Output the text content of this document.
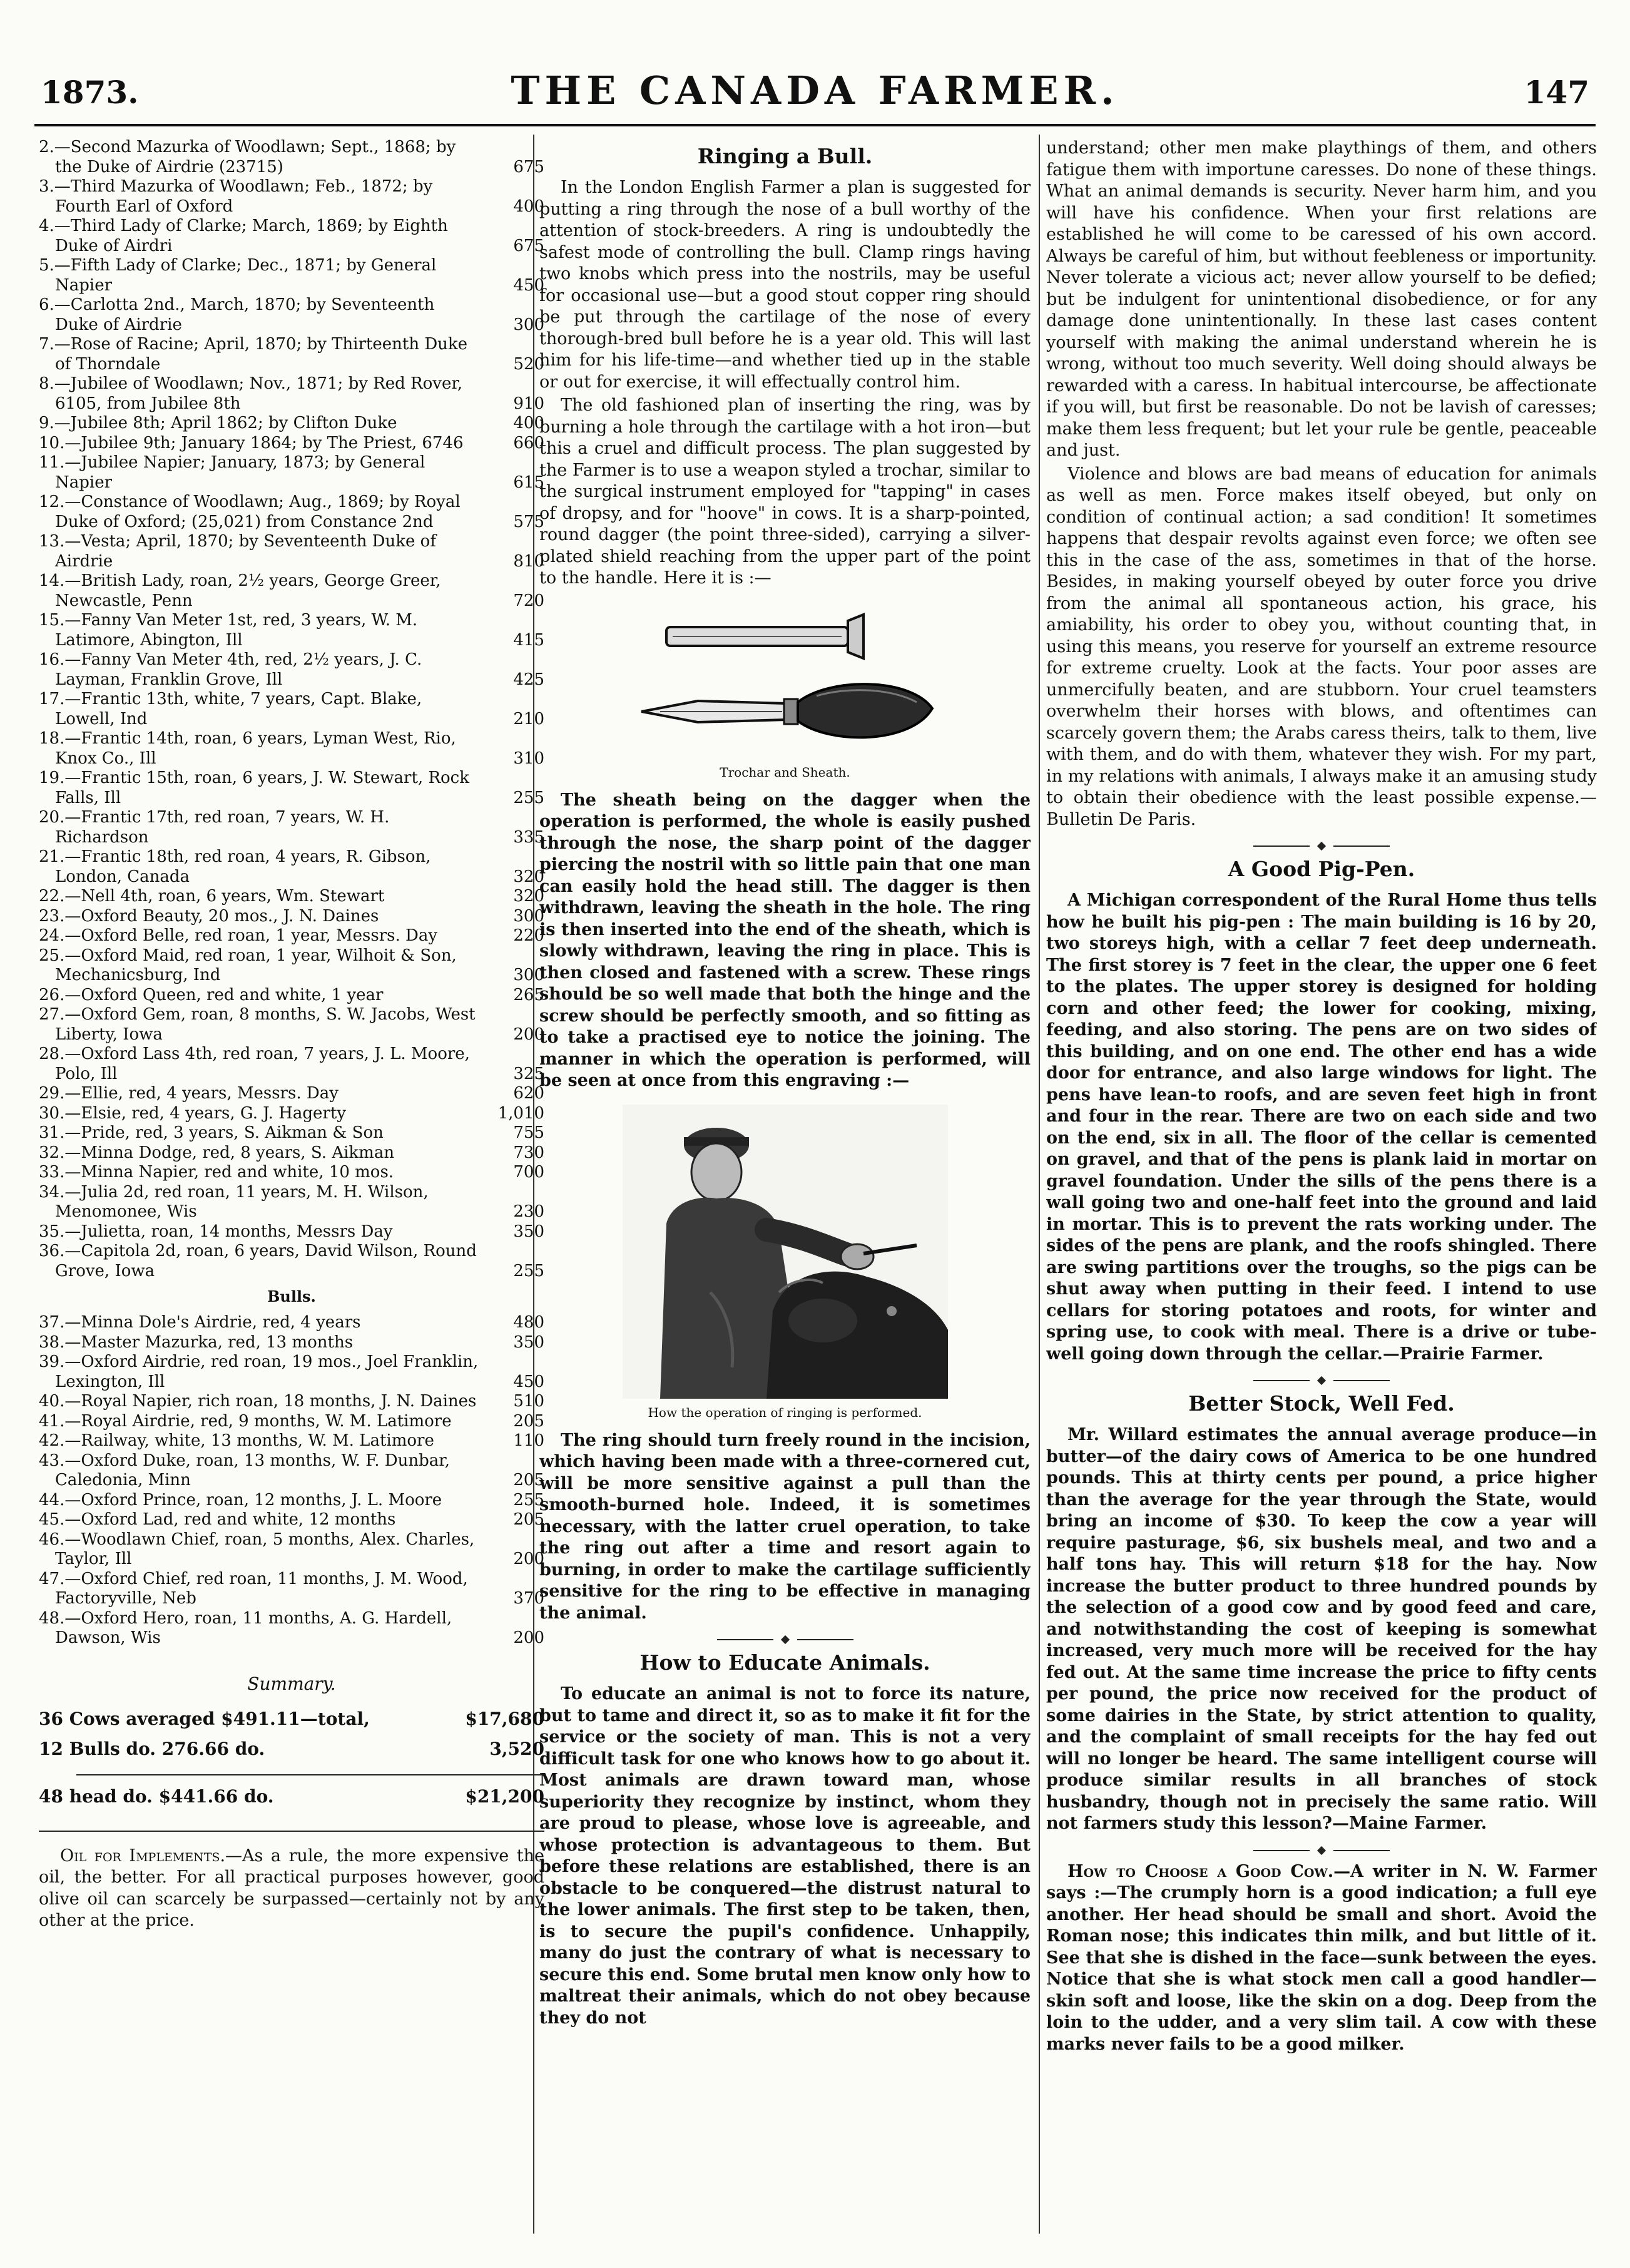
1873.	THE CANADA FARMER.	147
2.—Second Mazurka of Woodlawn; Sept., 1868; by the Duke of Airdrie (23715)	675
3.—Third Mazurka of Woodlawn; Feb., 1872; by Fourth Earl of Oxford	400
4.—Third Lady of Clarke; March, 1869; by Eighth Duke of Airdri	675
5.—Fifth Lady of Clarke; Dec., 1871; by General Napier	450
6.—Carlotta 2nd., March, 1870; by Seventeenth Duke of Airdrie	300
7.—Rose of Racine; April, 1870; by Thirteenth Duke of Thorndale	520
8.—Jubilee of Woodlawn; Nov., 1871; by Red Rover, 6105, from Jubilee 8th	910
9.—Jubilee 8th; April 1862; by Clifton Duke	400
10.—Jubilee 9th; January 1864; by The Priest, 6746	660
11.—Jubilee Napier; January, 1873; by General Napier	615
12.—Constance of Woodlawn; Aug., 1869; by Royal Duke of Oxford; (25,021) from Constance 2nd	575
13.—Vesta; April, 1870; by Seventeenth Duke of Airdrie	810
14.—British Lady, roan, 2½ years, George Greer, Newcastle, Penn	720
15.—Fanny Van Meter 1st, red, 3 years, W. M. Latimore, Abington, Ill	415
16.—Fanny Van Meter 4th, red, 2½ years, J. C. Layman, Franklin Grove, Ill	425
17.—Frantic 13th, white, 7 years, Capt. Blake, Lowell, Ind	210
18.—Frantic 14th, roan, 6 years, Lyman West, Rio, Knox Co., Ill	310
19.—Frantic 15th, roan, 6 years, J. W. Stewart, Rock Falls, Ill	255
20.—Frantic 17th, red roan, 7 years, W. H. Richardson	335
21.—Frantic 18th, red roan, 4 years, R. Gibson, London, Canada	320
22.—Nell 4th, roan, 6 years, Wm. Stewart	320
23.—Oxford Beauty, 20 mos., J. N. Daines	300
24.—Oxford Belle, red roan, 1 year, Messrs. Day	220
25.—Oxford Maid, red roan, 1 year, Wilhoit & Son, Mechanicsburg, Ind	300
26.—Oxford Queen, red and white, 1 year	265
27.—Oxford Gem, roan, 8 months, S. W. Jacobs, West Liberty, Iowa	200
28.—Oxford Lass 4th, red roan, 7 years, J. L. Moore, Polo, Ill	325
29.—Ellie, red, 4 years, Messrs. Day	620
30.—Elsie, red, 4 years, G. J. Hagerty	1,010
31.—Pride, red, 3 years, S. Aikman & Son	755
32.—Minna Dodge, red, 8 years, S. Aikman	730
33.—Minna Napier, red and white, 10 mos.	700
34.—Julia 2d, red roan, 11 years, M. H. Wilson, Menomonee, Wis	230
35.—Julietta, roan, 14 months, Messrs Day	350
36.—Capitola 2d, roan, 6 years, David Wilson, Round Grove, Iowa	255
Bulls.
37.—Minna Dole's Airdrie, red, 4 years	480
38.—Master Mazurka, red, 13 months	350
39.—Oxford Airdrie, red roan, 19 mos., Joel Franklin, Lexington, Ill	450
40.—Royal Napier, rich roan, 18 months, J. N. Daines 510
41.—Royal Airdrie, red, 9 months, W. M. Latimore	205
42.—Railway, white, 13 months, W. M. Latimore	110
43.—Oxford Duke, roan, 13 months, W. F. Dunbar, Caledonia, Minn	205
44.—Oxford Prince, roan, 12 months, J. L. Moore	255
45.—Oxford Lad, red and white, 12 months	205
46.—Woodlawn Chief, roan, 5 months, Alex. Charles, Taylor, Ill	200
47.—Oxford Chief, red roan, 11 months, J. M. Wood, Factoryville, Neb	370
48.—Oxford Hero, roan, 11 months, A. G. Hardell, Dawson, Wis	200
Summary.
36 Cows averaged $491.11—total,	$17,680
12 Bulls do. 276.66 do.	3,520
48 head do. $441.66 do.	$21,200

Oil for Implements.—As a rule, the more expensive the oil, the better. For all practical purposes however, good olive oil can scarcely be surpassed—certainly not by any other at the price.

Ringing a Bull.

In the London English Farmer a plan is suggested for putting a ring through the nose of a bull worthy of the attention of stock-breeders. A ring is undoubtedly the safest mode of controlling the bull. Clamp rings having two knobs which press into the nostrils, may be useful for occasional use—but a good stout copper ring should be put through the cartilage of the nose of every thorough-bred bull before he is a year old. This will last him for his life-time—and whether tied up in the stable or out for exercise, it will effectually control him.

The old fashioned plan of inserting the ring, was by burning a hole through the cartilage with a hot iron—but this a cruel and difficult process. The plan suggested by the Farmer is to use a weapon styled a trochar, similar to the surgical instrument employed for "tapping" in cases of dropsy, and for "hoove" in cows. It is a sharp-pointed, round dagger (the point three-sided), carrying a silver-plated shield reaching from the upper part of the point to the handle. Here it is :—

Trochar and Sheath.

The sheath being on the dagger when the operation is performed, the whole is easily pushed through the nose, the sharp point of the dagger piercing the nostril with so little pain that one man can easily hold the head still. The dagger is then withdrawn, leaving the sheath in the hole. The ring is then inserted into the end of the sheath, which is slowly withdrawn, leaving the ring in place. This is then closed and fastened with a screw. These rings should be so well made that both the hinge and the screw should be perfectly smooth, and so fitting as to take a practised eye to notice the joining. The manner in which the operation is performed, will be seen at once from this engraving :—

How the operation of ringing is performed.

The ring should turn freely round in the incision, which having been made with a three-cornered cut, will be more sensitive against a pull than the smooth-burned hole. Indeed, it is sometimes necessary, with the latter cruel operation, to take the ring out after a time and resort again to burning, in order to make the cartilage sufficiently sensitive for the ring to be effective in managing the animal.

How to Educate Animals.

To educate an animal is not to force its nature, but to tame and direct it, so as to make it fit for the service or the society of man. This is not a very difficult task for one who knows how to go about it. Most animals are drawn toward man, whose superiority they recognize by instinct, whom they are proud to please, whose love is agreeable, and whose protection is advantageous to them. But before these relations are established, there is an obstacle to be conquered—the distrust natural to the lower animals. The first step to be taken, then, is to secure the pupil's confidence. Unhappily, many do just the contrary of what is necessary to secure this end. Some brutal men know only how to maltreat their animals, which do not obey because they do not

understand; other men make playthings of them, and others fatigue them with importune caresses. Do none of these things. What an animal demands is security. Never harm him, and you will have his confidence. When your first relations are established he will come to be caressed of his own accord. Always be careful of him, but without feebleness or importunity. Never tolerate a vicious act; never allow yourself to be defied; but be indulgent for unintentional disobedience, or for any damage done unintentionally. In these last cases content yourself with making the animal understand wherein he is wrong, without too much severity. Well doing should always be rewarded with a caress. In habitual intercourse, be affectionate if you will, but first be reasonable. Do not be lavish of caresses; make them less frequent; but let your rule be gentle, peaceable and just.

Violence and blows are bad means of education for animals as well as men. Force makes itself obeyed, but only on condition of continual action; a sad condition! It sometimes happens that despair revolts against even force; we often see this in the case of the ass, sometimes in that of the horse. Besides, in making yourself obeyed by outer force you drive from the animal all spontaneous action, his grace, his amiability, his order to obey you, without counting that, in using this means, you reserve for yourself an extreme resource for extreme cruelty. Look at the facts. Your poor asses are unmercifully beaten, and are stubborn. Your cruel teamsters overwhelm their horses with blows, and oftentimes can scarcely govern them; the Arabs caress theirs, talk to them, live with them, and do with them, whatever they wish. For my part, in my relations with animals, I always make it an amusing study to obtain their obedience with the least possible expense.—Bulletin De Paris.

A Good Pig-Pen.

A Michigan correspondent of the Rural Home thus tells how he built his pig-pen : The main building is 16 by 20, two storeys high, with a cellar 7 feet deep underneath. The first storey is 7 feet in the clear, the upper one 6 feet to the plates. The upper storey is designed for holding corn and other feed; the lower for cooking, mixing, feeding, and also storing. The pens are on two sides of this building, and on one end. The other end has a wide door for entrance, and also large windows for light. The pens have lean-to roofs, and are seven feet high in front and four in the rear. There are two on each side and two on the end, six in all. The floor of the cellar is cemented on gravel, and that of the pens is plank laid in mortar on gravel foundation. Under the sills of the pens there is a wall going two and one-half feet into the ground and laid in mortar. This is to prevent the rats working under. The sides of the pens are plank, and the roofs shingled. There are swing partitions over the troughs, so the pigs can be shut away when putting in their feed. I intend to use cellars for storing potatoes and roots, for winter and spring use, to cook with meal. There is a drive or tube-well going down through the cellar.—Prairie Farmer.

Better Stock, Well Fed.

Mr. Willard estimates the annual average produce—in butter—of the dairy cows of America to be one hundred pounds. This at thirty cents per pound, a price higher than the average for the year through the State, would bring an income of $30. To keep the cow a year will require pasturage, $6, six bushels meal, and two and a half tons hay. This will return $18 for the hay. Now increase the butter product to three hundred pounds by the selection of a good cow and by good feed and care, and notwithstanding the cost of keeping is somewhat increased, very much more will be received for the hay fed out. At the same time increase the price to fifty cents per pound, the price now received for the product of some dairies in the State, by strict attention to quality, and the complaint of small receipts for the hay fed out will no longer be heard. The same intelligent course will produce similar results in all branches of stock husbandry, though not in precisely the same ratio. Will not farmers study this lesson?—Maine Farmer.

How to Choose a Good Cow.—A writer in N. W. Farmer says :—The crumply horn is a good indication; a full eye another. Her head should be small and short. Avoid the Roman nose; this indicates thin milk, and but little of it. See that she is dished in the face—sunk between the eyes. Notice that she is what stock men call a good handler—skin soft and loose, like the skin on a dog. Deep from the loin to the udder, and a very slim tail. A cow with these marks never fails to be a good milker.
